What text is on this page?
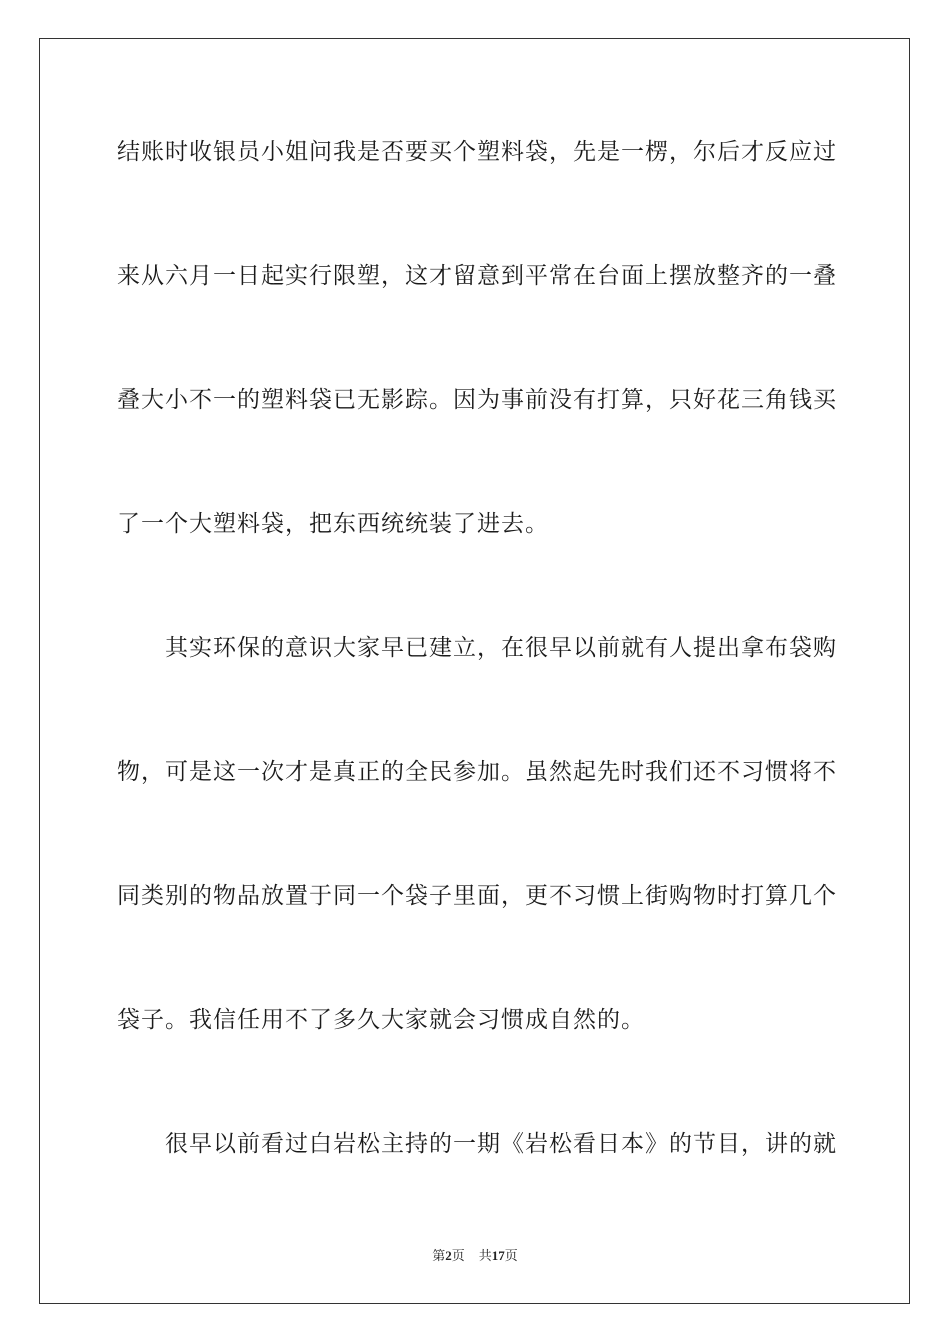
结账时收银员小姐问我是否要买个塑料袋，先是一楞，尔后才反应过
来从六月一日起实行限塑，这才留意到平常在台面上摆放整齐的一叠
叠大小不一的塑料袋已无影踪。因为事前没有打算，只好花三角钱买
了一个大塑料袋，把东西统统装了进去。
其实环保的意识大家早已建立，在很早以前就有人提出拿布袋购
物，可是这一次才是真正的全民参加。虽然起先时我们还不习惯将不
同类别的物品放置于同一个袋子里面，更不习惯上街购物时打算几个
袋子。我信任用不了多久大家就会习惯成自然的。
很早以前看过白岩松主持的一期《岩松看日本》的节目，讲的就
第2页 共17页
